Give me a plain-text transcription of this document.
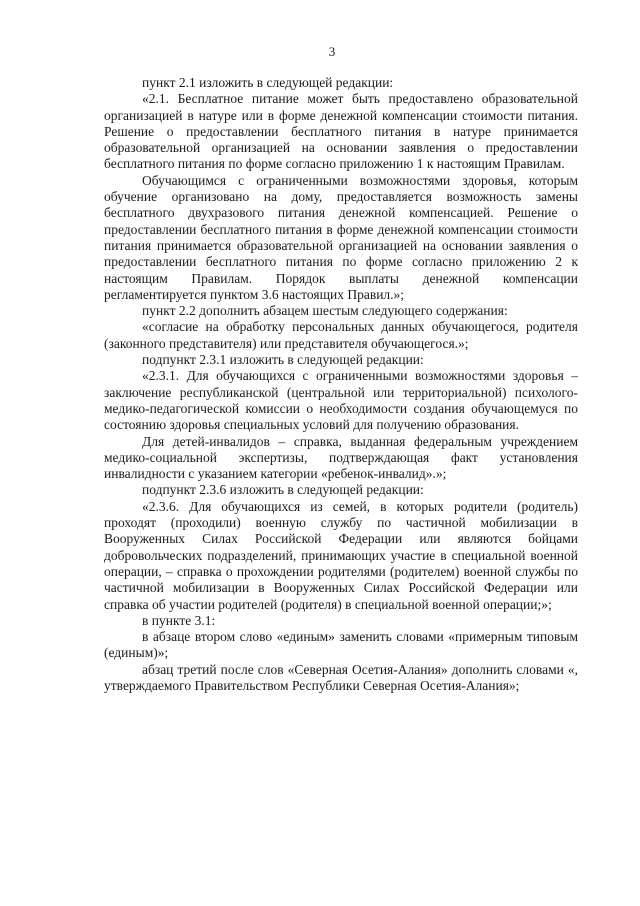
3

пункт 2.1 изложить в следующей редакции:

«2.1. Бесплатное питание может быть предоставлено образовательной организацией в натуре или в форме денежной компенсации стоимости питания. Решение о предоставлении бесплатного питания в натуре принимается образовательной организацией на основании заявления о предоставлении бесплатного питания по форме согласно приложению 1 к настоящим Правилам.

Обучающимся с ограниченными возможностями здоровья, которым обучение организовано на дому, предоставляется возможность замены бесплатного двухразового питания денежной компенсацией. Решение о предоставлении бесплатного питания в форме денежной компенсации стоимости питания принимается образовательной организацией на основании заявления о предоставлении бесплатного питания по форме согласно приложению 2 к настоящим Правилам. Порядок выплаты денежной компенсации регламентируется пунктом 3.6 настоящих Правил.»;

пункт 2.2 дополнить абзацем шестым следующего содержания:

«согласие на обработку персональных данных обучающегося, родителя (законного представителя) или представителя обучающегося.»;

подпункт 2.3.1 изложить в следующей редакции:

«2.3.1. Для обучающихся с ограниченными возможностями здоровья – заключение республиканской (центральной или территориальной) психолого-медико-педагогической комиссии о необходимости создания обучающемуся по состоянию здоровья специальных условий для получению образования.

Для детей-инвалидов – справка, выданная федеральным учреждением медико-социальной экспертизы, подтверждающая факт установления инвалидности с указанием категории «ребенок-инвалид».»;

подпункт 2.3.6 изложить в следующей редакции:

«2.3.6. Для обучающихся из семей, в которых родители (родитель) проходят (проходили) военную службу по частичной мобилизации в Вооруженных Силах Российской Федерации или являются бойцами добровольческих подразделений, принимающих участие в специальной военной операции, – справка о прохождении родителями (родителем) военной службы по частичной мобилизации в Вооруженных Силах Российской Федерации или справка об участии родителей (родителя) в специальной военной операции;»;

в пункте 3.1:

в абзаце втором слово «единым» заменить словами «примерным типовым (единым)»;

абзац третий после слов «Северная Осетия-Алания» дополнить словами «, утверждаемого Правительством Республики Северная Осетия-Алания»;
